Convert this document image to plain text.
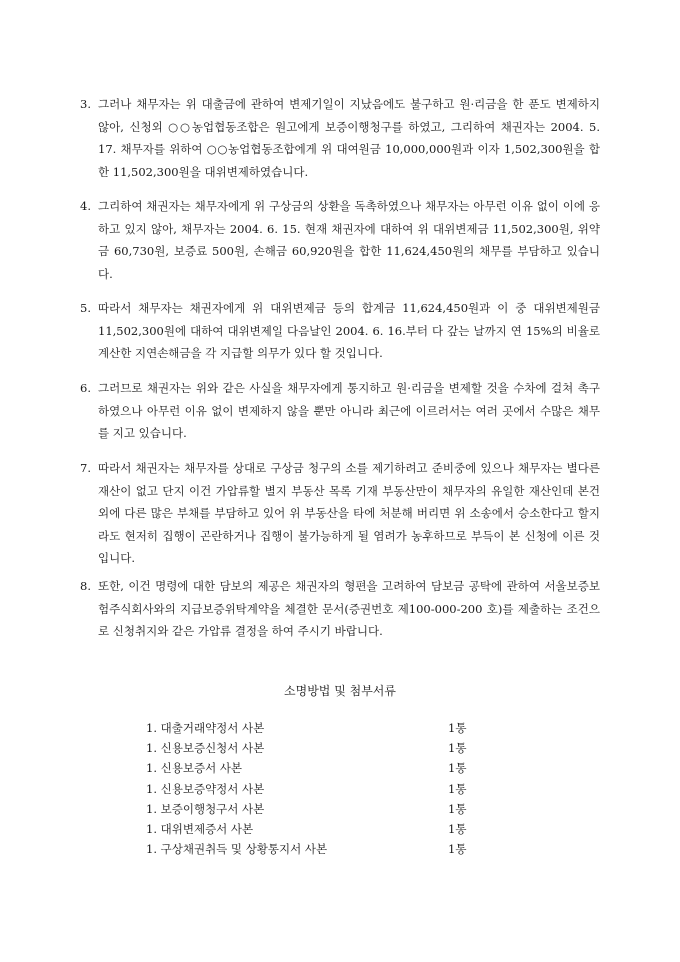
3. 그러나 채무자는 위 대출금에 관하여 변제기일이 지났음에도 불구하고 원·리금을 한 푼도 변제하지 않아, 신청외 ○○농업협동조합은 원고에게 보증이행청구를 하였고, 그리하여 채권자는 2004. 5. 17. 채무자를 위하여 ○○농업협동조합에게 위 대여원금 10,000,000원과 이자 1,502,300원을 합한 11,502,300원을 대위변제하였습니다.
4. 그리하여 채권자는 채무자에게 위 구상금의 상환을 독촉하였으나 채무자는 아무런 이유 없이 이에 응하고 있지 않아, 채무자는 2004. 6. 15. 현재 채권자에 대하여 위 대위변제금 11,502,300원, 위약금 60,730원, 보증료 500원, 손해금 60,920원을 합한 11,624,450원의 채무를 부담하고 있습니다.
5. 따라서 채무자는 채권자에게 위 대위변제금 등의 합계금 11,624,450원과 이 중 대위변제원금 11,502,300원에 대하여 대위변제일 다음날인 2004. 6. 16.부터 다 갚는 날까지 연 15%의 비율로 계산한 지연손해금을 각 지급할 의무가 있다 할 것입니다.
6. 그러므로 채권자는 위와 같은 사실을 채무자에게 통지하고 원·리금을 변제할 것을 수차에 걸쳐 촉구하였으나 아무런 이유 없이 변제하지 않을 뿐만 아니라 최근에 이르러서는 여러 곳에서 수많은 채무를 지고 있습니다.
7. 따라서 채권자는 채무자를 상대로 구상금 청구의 소를 제기하려고 준비중에 있으나 채무자는 별다른 재산이 없고 단지 이건 가압류할 별지 부동산 목록 기재 부동산만이 채무자의 유일한 재산인데 본건 외에 다른 많은 부채를 부담하고 있어 위 부동산을 타에 처분해 버리면 위 소송에서 승소한다고 할지라도 현저히 집행이 곤란하거나 집행이 불가능하게 될 염려가 농후하므로 부득이 본 신청에 이른 것입니다.
8. 또한, 이건 명령에 대한 담보의 제공은 채권자의 형편을 고려하여 담보금 공탁에 관하여 서울보증보험주식회사와의 지급보증위탁계약을 체결한 문서(증권번호 제100-000-200 호)를 제출하는 조건으로 신청취지와 같은 가압류 결정을 하여 주시기 바랍니다.
소명방법 및 첨부서류
1. 대출거래약정서 사본	1통
1. 신용보증신청서 사본	1통
1. 신용보증서 사본	1통
1. 신용보증약정서 사본	1통
1. 보증이행청구서 사본	1통
1. 대위변제증서 사본	1통
1. 구상채권취득 및 상황통지서 사본	1통
